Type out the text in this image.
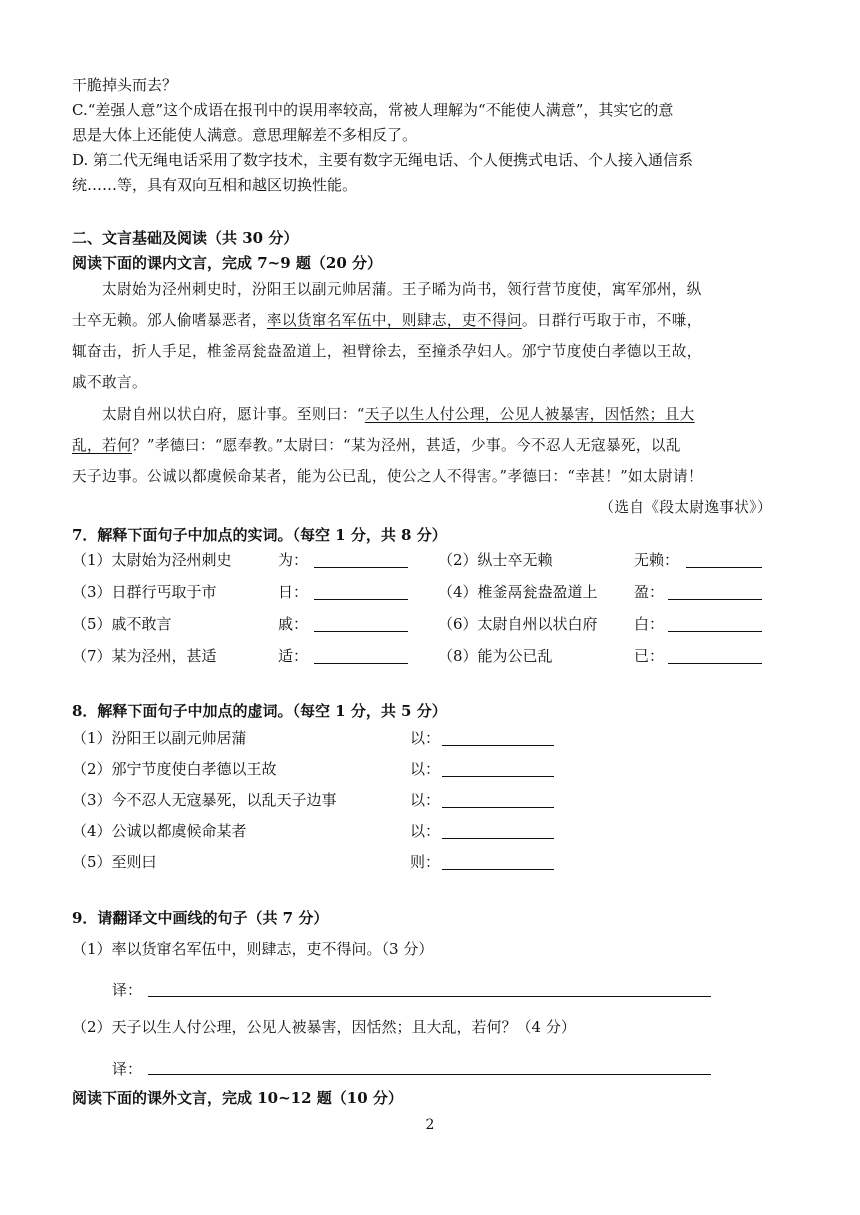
干脆掉头而去？
C.“差强人意”这个成语在报刊中的误用率较高，常被人理解为“不能使人满意”，其实它的意
思是大体上还能使人满意。意思理解差不多相反了。
D. 第二代无绳电话采用了数字技术，主要有数字无绳电话、个人便携式电话、个人接入通信系
统……等，具有双向互相和越区切换性能。
二、文言基础及阅读（共 30 分）
阅读下面的课内文言，完成 7~9 题（20 分）
太尉始为泾州刺史时，汾阳王以副元帅居蒲。王子晞为尚书，领行营节度使，寓军邠州，纵
士卒无赖。邠人偷嗜暴恶者，率以货窜名军伍中，则肆志，吏不得问。日群行丐取于市，不嗛，
辄奋击，折人手足，椎釜鬲瓮盎盈道上，袒臂徐去，至撞杀孕妇人。邠宁节度使白孝德以王故，
戚不敢言。
太尉自州以状白府，愿计事。至则曰：“天子以生人付公理，公见人被暴害，因恬然；且大
乱，若何？”孝德曰：“愿奉教。”太尉曰：“某为泾州，甚适，少事。今不忍人无寇暴死，以乱
天子边事。公诚以都虞候命某者，能为公已乱，使公之人不得害。”孝德曰：“幸甚！”如太尉请！
（选自《段太尉逸事状》）
7．解释下面句子中加点的实词。（每空 1 分，共 8 分）
（1）太尉始为泾州刺史	为：	（2）纵士卒无赖	无赖：
（3）日群行丐取于市	日：	（4）椎釜鬲瓮盎盈道上 盈：
（5）戚不敢言	戚：	（6）太尉自州以状白府 白：
（7）某为泾州，甚适	适：	（8）能为公已乱	已：
8．解释下面句子中加点的虚词。（每空 1 分，共 5 分）
（1）汾阳王以副元帅居蒲	以：
（2）邠宁节度使白孝德以王故	以：
（3）今不忍人无寇暴死，以乱天子边事	以：
（4）公诚以都虞候命某者	以：
（5）至则曰	则：
9．请翻译文中画线的句子（共 7 分）
（1）率以货窜名军伍中，则肆志，吏不得问。（3 分）
译：
（2）天子以生人付公理，公见人被暴害，因恬然；且大乱，若何？（4 分）
译：
阅读下面的课外文言，完成 10~12 题（10 分）
2
